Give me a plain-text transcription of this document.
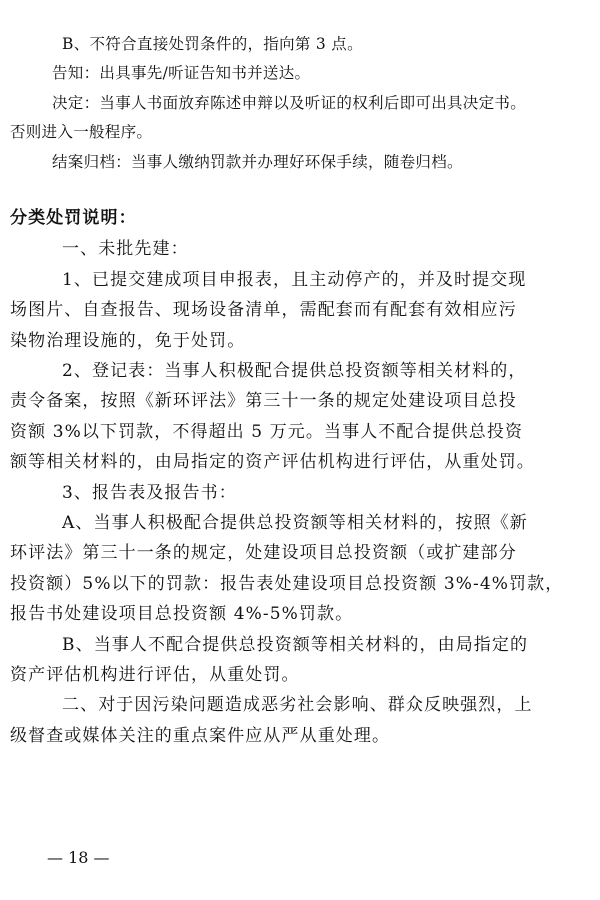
B、不符合直接处罚条件的，指向第 3 点。
告知：出具事先/听证告知书并送达。
决定：当事人书面放弃陈述申辩以及听证的权利后即可出具决定书。
否则进入一般程序。
结案归档：当事人缴纳罚款并办理好环保手续，随卷归档。
分类处罚说明：
一、未批先建：
1、已提交建成项目申报表，且主动停产的，并及时提交现
场图片、自查报告、现场设备清单，需配套而有配套有效相应污
染物治理设施的，免于处罚。
2、登记表：当事人积极配合提供总投资额等相关材料的，
责令备案，按照《新环评法》第三十一条的规定处建设项目总投
资额 3%以下罚款，不得超出 5 万元。当事人不配合提供总投资
额等相关材料的，由局指定的资产评估机构进行评估，从重处罚。
3、报告表及报告书：
A、当事人积极配合提供总投资额等相关材料的，按照《新
环评法》第三十一条的规定，处建设项目总投资额（或扩建部分
投资额）5%以下的罚款：报告表处建设项目总投资额 3%-4%罚款，
报告书处建设项目总投资额 4%-5%罚款。
B、当事人不配合提供总投资额等相关材料的，由局指定的
资产评估机构进行评估，从重处罚。
二、对于因污染问题造成恶劣社会影响、群众反映强烈，上
级督查或媒体关注的重点案件应从严从重处理。
— 18 —
